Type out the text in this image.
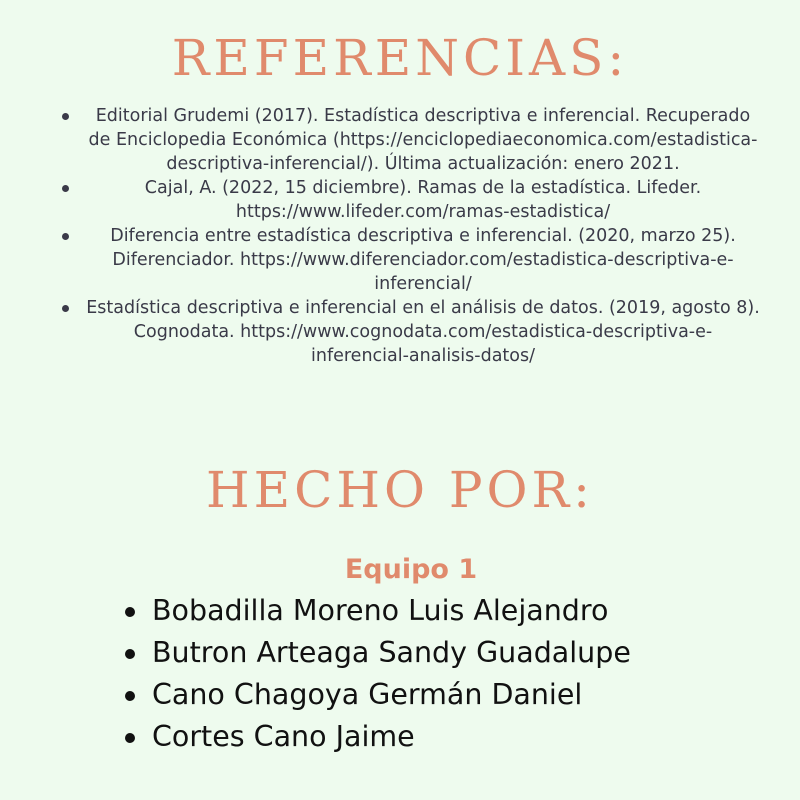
REFERENCIAS:
Editorial Grudemi (2017). Estadística descriptiva e inferencial. Recuperado de Enciclopedia Económica (https://enciclopediaeconomica.com/estadistica-descriptiva-inferencial/). Última actualización: enero 2021.
Cajal, A. (2022, 15 diciembre). Ramas de la estadística. Lifeder. https://www.lifeder.com/ramas-estadistica/
Diferencia entre estadística descriptiva e inferencial. (2020, marzo 25). Diferenciador. https://www.diferenciador.com/estadistica-descriptiva-e-inferencial/
Estadística descriptiva e inferencial en el análisis de datos. (2019, agosto 8). Cognodata. https://www.cognodata.com/estadistica-descriptiva-e-inferencial-analisis-datos/
HECHO POR:

Equipo 1

Bobadilla Moreno Luis Alejandro
Butron Arteaga Sandy Guadalupe
Cano Chagoya Germán Daniel
Cortes Cano Jaime
